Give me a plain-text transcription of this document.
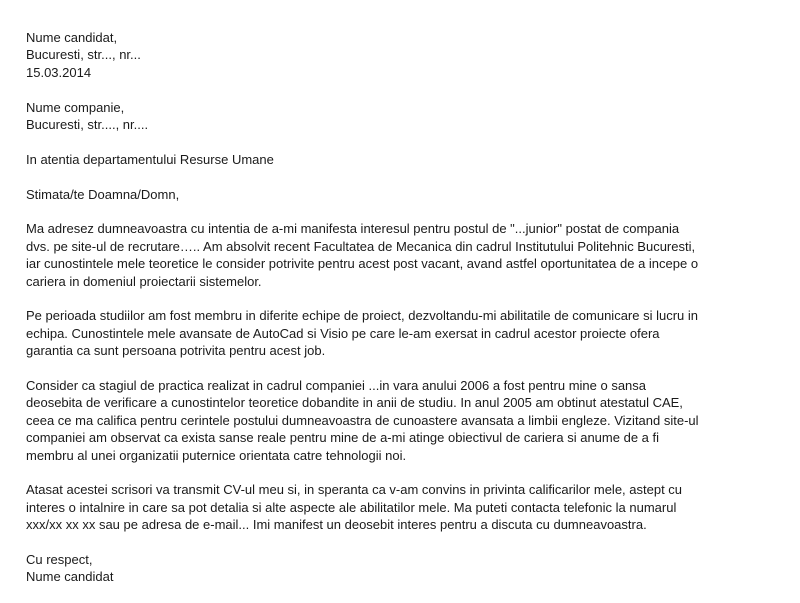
Nume candidat,
Bucuresti, str..., nr...
15.03.2014
Nume companie,
Bucuresti, str...., nr....
In atentia departamentului Resurse Umane
Stimata/te Doamna/Domn,
Ma adresez dumneavoastra cu intentia de a-mi manifesta interesul pentru postul de "...junior" postat de compania
dvs. pe site-ul de recrutare….. Am absolvit recent Facultatea de Mecanica din cadrul Institutului Politehnic Bucuresti,
iar cunostintele mele teoretice le consider potrivite pentru acest post vacant, avand astfel oportunitatea de a incepe o
cariera in domeniul proiectarii sistemelor.
Pe perioada studiilor am fost membru in diferite echipe de proiect, dezvoltandu-mi abilitatile de comunicare si lucru in
echipa. Cunostintele mele avansate de AutoCad si Visio pe care le-am exersat in cadrul acestor proiecte ofera
garantia ca sunt persoana potrivita pentru acest job.
Consider ca stagiul de practica realizat in cadrul companiei ...in vara anului 2006 a fost pentru mine o sansa
deosebita de verificare a cunostintelor teoretice dobandite in anii de studiu. In anul 2005 am obtinut atestatul CAE,
ceea ce ma califica pentru cerintele postului dumneavoastra de cunoastere avansata a limbii engleze. Vizitand site-ul
companiei am observat ca exista sanse reale pentru mine de a-mi atinge obiectivul de cariera si anume de a fi
membru al unei organizatii puternice orientata catre tehnologii noi.
Atasat acestei scrisori va transmit CV-ul meu si, in speranta ca v-am convins in privinta calificarilor mele, astept cu
interes o intalnire in care sa pot detalia si alte aspecte ale abilitatilor mele. Ma puteti contacta telefonic la numarul
xxx/xx xx xx sau pe adresa de e-mail... Imi manifest un deosebit interes pentru a discuta cu dumneavoastra.
Cu respect,
Nume candidat
